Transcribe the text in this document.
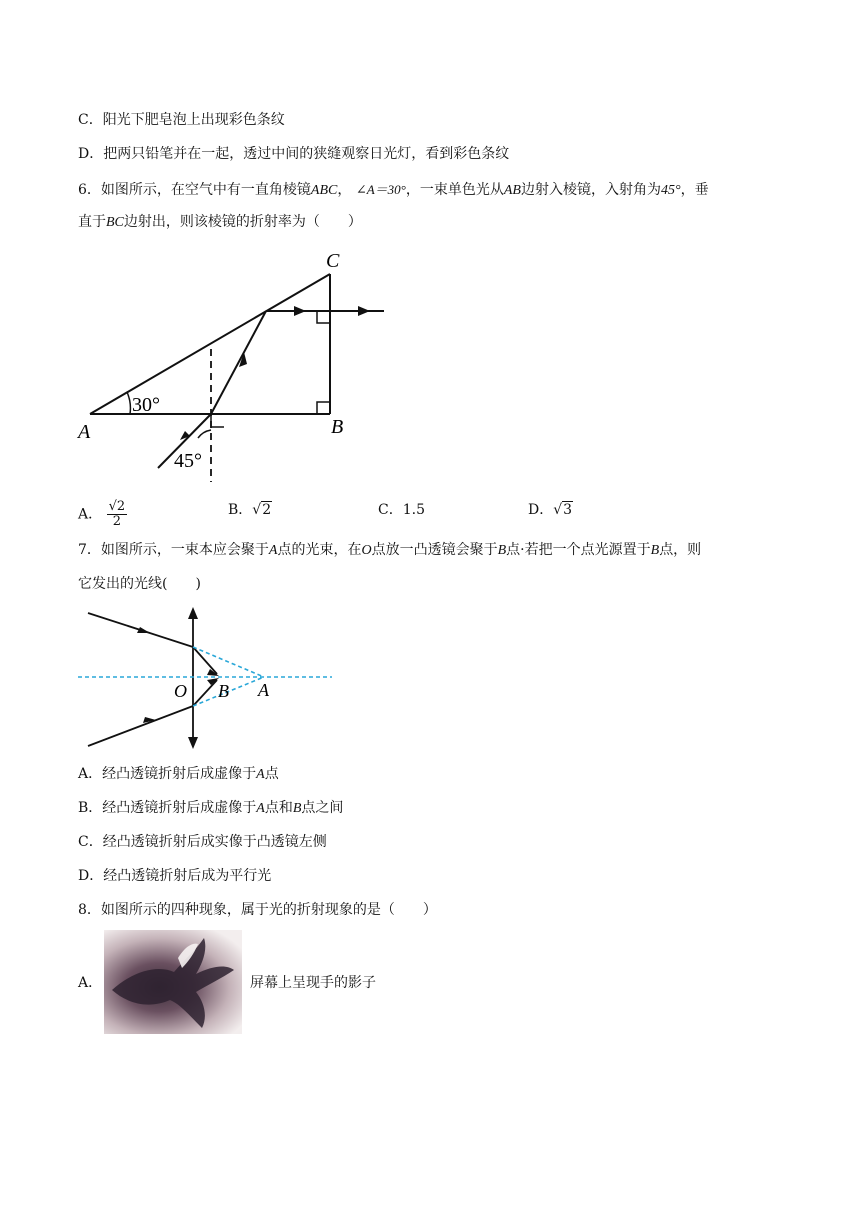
C．阳光下肥皂泡上出现彩色条纹
D．把两只铅笔并在一起，透过中间的狭缝观察日光灯，看到彩色条纹
6．如图所示，在空气中有一直角棱镜ABC， ∠A＝30°，一束单色光从AB边射入棱镜，入射角为45°，垂
直于BC边射出，则该棱镜的折射率为（　　）
A	B
C
30°
45°
A． $\frac{√2}{2}$	B．√2	C．1.5	D．√3
7．如图所示，一束本应会聚于A点的光束，在O点放一凸透镜会聚于B点·若把一个点光源置于B点，则
它发出的光线(　　)
O B A
A．经凸透镜折射后成虚像于A点
B．经凸透镜折射后成虚像于A点和B点之间
C．经凸透镜折射后成实像于凸透镜左侧
D．经凸透镜折射后成为平行光
8．如图所示的四种现象，属于光的折射现象的是（　　）
A．	屏幕上呈现手的影子
